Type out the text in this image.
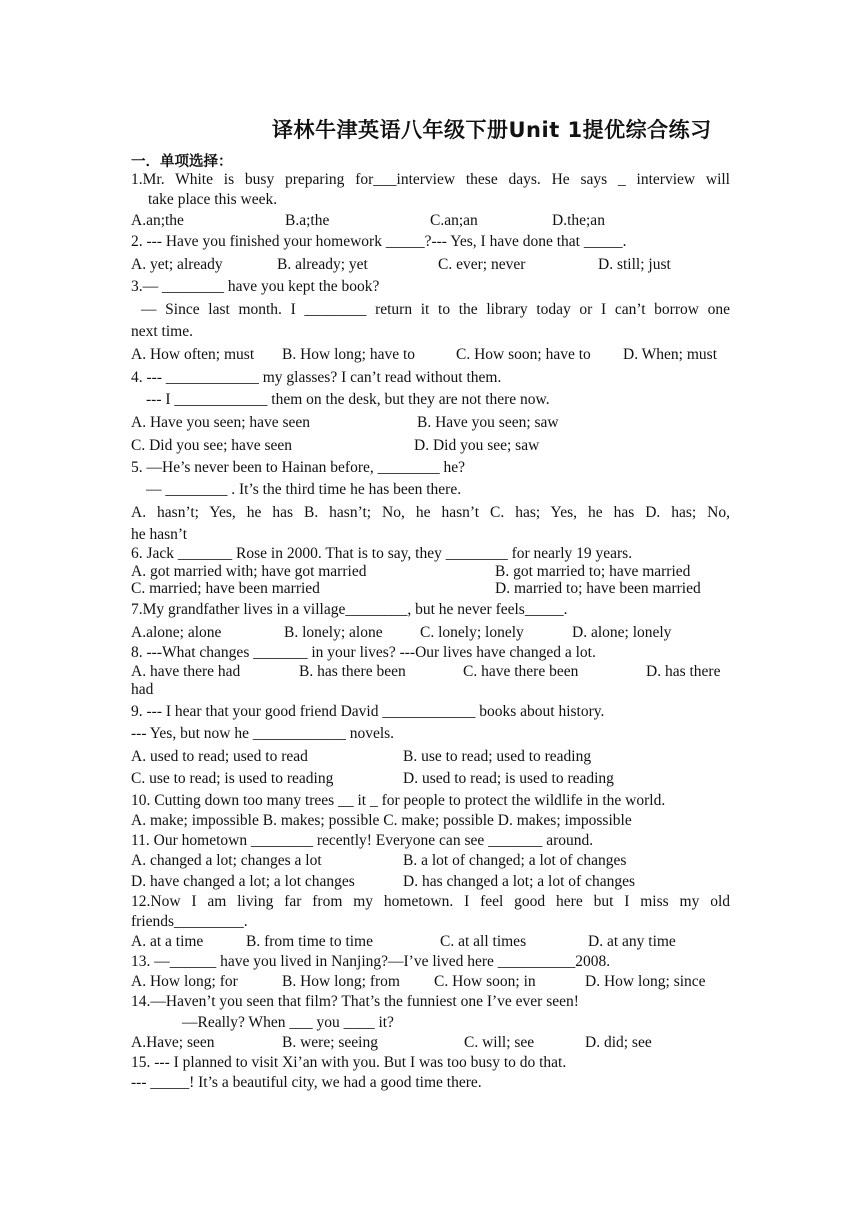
译林牛津英语八年级下册Unit 1提优综合练习
一．单项选择：
1.Mr. White is busy preparing for___interview these days. He says _ interview will
take place this week.
A.an;the	B.a;the	C.an;an	D.the;an
2. --- Have you finished your homework _____?--- Yes, I have done that _____.
A. yet; already	B. already; yet	C. ever; never	D. still; just
3.— ________ have you kept the book?
— Since last month. I ________ return it to the library today or I can’t borrow one
next time.
A. How often; must B. How long; have to	C. How soon; have to D. When; must
4. --- ____________ my glasses? I can’t read without them.
--- I ____________ them on the desk, but they are not there now.
A. Have you seen; have seen	B. Have you seen; saw
C. Did you see; have seen	D. Did you see; saw
5. —He’s never been to Hainan before, ________ he?
— ________ . It’s the third time he has been there.
A. hasn’t; Yes, he has B. hasn’t; No, he hasn’t C. has; Yes, he has D. has; No,
he hasn’t
6. Jack _______ Rose in 2000. That is to say, they ________ for nearly 19 years.
A. got married with; have got married	B. got married to; have married
C. married; have been married	D. married to; have been married
7.My grandfather lives in a village________, but he never feels_____.
A.alone; alone	B. lonely; alone C. lonely; lonely	D. alone; lonely
8. ---What changes _______ in your lives? ---Our lives have changed a lot.
A. have there had	B. has there been	C. have there been	D. has there
had
9. --- I hear that your good friend David ____________ books about history.
--- Yes, but now he ____________ novels.
A. used to read; used to read	B. use to read; used to reading
C. use to read; is used to reading	D. used to read; is used to reading
10. Cutting down too many trees __ it _ for people to protect the wildlife in the world.
A. make; impossible B. makes; possible C. make; possible D. makes; impossible
11. Our hometown ________ recently! Everyone can see _______ around.
A. changed a lot; changes a lot	B. a lot of changed; a lot of changes
D. have changed a lot; a lot changes	D. has changed a lot; a lot of changes
12.Now I am living far from my hometown. I feel good here but I miss my old
friends_________.
A. at a time	B. from time to time	C. at all times	D. at any time
13. —______ have you lived in Nanjing?—I’ve lived here __________2008.
A. How long; for	B. How long; from C. How soon; in	D. How long; since
14.—Haven’t you seen that film? That’s the funniest one I’ve ever seen!
—Really? When ___ you ____ it?
A.Have; seen	B. were; seeing	C. will; see	D. did; see
15. --- I planned to visit Xi’an with you. But I was too busy to do that.
--- _____! It’s a beautiful city, we had a good time there.
